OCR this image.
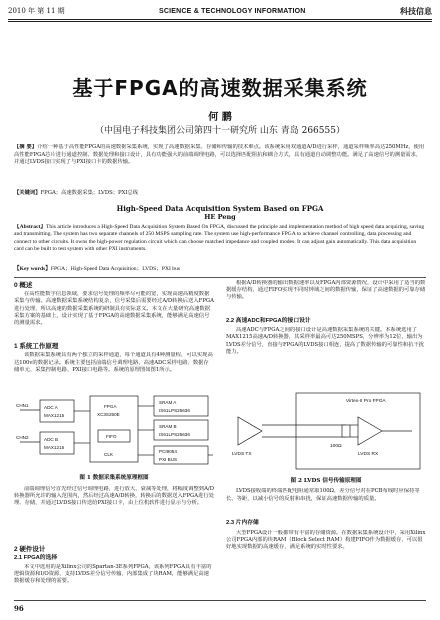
2010 年 第 11 期	SCIENCE & TECHNOLOGY INFORMATION	科技信息
基于FPGA的高速数据采集系统
何 鹏
（中国电子科技集团公司第四十一研究所 山东 青岛 266555）
【摘 要】介绍一种基于高性能FPGA的高速数据采集系统，实现了高速数据采集、存储和传输的技术难点。该系统采用双通道A/D进行采样，通道采样频率高达250MHz，使用高性能FPGA芯片进行通道控制、数据处理和接口设计，具有功能强大的前端调理电路，可以选择匹配阻抗和耦合方式，具有通道自动调整功能。满足了高速信号的测量需求，并通过LVDS接口实现了与PXI接口卡的数据传输。
【关键词】FPGA；高速数据采集；LVDS；PXI总线
High-Speed Data Acquisition System Based on FPGA
HE Peng
【Abstract】This article introduces a High-Speed Data Acquisition System Based On FPGA, discussed the principle and implementation method of high speed data acquiring, saving and transmitting. The system has two separate channels of 250 MSPS sampling rate. The system use high-performance FPGA to achieve channel controlling, data processing and connect to other circuits. It owns the high-power regulation circuit which can choose matched impedance and coupled modes. It can adjust gain automatically. This data acquisition card can be built to test system with other PXI instruments.
【Key words】FPGA；High-Speed Data Acquisition；LVDS；PXI bus
0 概述

在高性能数字信息领域，要求信号处理的频率尽可能的宽，实现高速高精度数据采集与传输。高速数据采集系统结构复杂，信号采集后需要经过A/D转换后送入FPGA进行处理，所以高速的数据采集系统的研制具有实际意义。本文在大量研究高速数据采集方案的基础上，设计实现了基于FPGA的高速数据采集系统，能够满足高速信号的测量需求。

1 系统工作原理

该数据采集系统具有两个独立的采样通道，每个通道具有4种测量程，可以实现高达100v的数据记录。系统主要包括前端信号调理电路、高速ADC采样电路、数据存储单元、采集控制电路、PXI接口电路等。系统的原理图如图1所示。

CHN1
CHN2
ADC A
MAX1215
ADC B
MAX1215
FPGA
XC3S250E
FIFO
CLK
SRAM A
IS61LPS25636
SRAM B
IS61LPS25636
PCI9054
PXI BUS
图 1 数据采集系统原理框图

前端调理信号首先经过信号调理电路，进行放大、衰减等处理，将幅度调整到A/D转换器所允许的输入范围内，然后经过高速A/D转换，转换后的数据送入FPGA进行处理、存储，并通过LVDS接口传送给PXI接口卡，由上位机软件进行显示与分析。

2 硬件设计
2.1 FPGA的选择

本文中选用的是Xilinx公司的Spartan-3E系列FPGA，该系列FPGA具有丰富的逻辑资源和I/O资源，支持LVDS差分信号传输，内部集成了块RAM，能够满足高速数据缓存和处理的需要。

根据A/D转换器的输出数据速率以及FPGA内部资源情况，设计中采用了适当的数据缓存结构，通过FIFO实现不同时钟域之间的数据传输，保证了高速数据的可靠存储与传输。

2.2 高速ADC和FPGA的接口设计

高速ADC与FPGA之间的接口设计是高速数据采集系统的关键。本系统选用了MAX1215高速A/D转换器，其采样率最高可达250MSPS，分辨率为12位，输出为LVDS差分信号，直接与FPGA的LVDS接口相连，提高了数据传输的可靠性和抗干扰能力。

Virtex-II Pro FPGA
LVDS TX	LVDS RX
100Ω
图 2 LVDS 信号传输原理图

LVDS接收端的终端匹配电阻通常取100Ω，差分信号对在PCB布线时应保持等长、等距，以减小信号的反射和串扰，保证高速数据传输的质量。

2.3 片内存储

大型FPGA设计一般都带有丰富的存储资源。在数据采集系统设计中，采用Xilinx公司FPGA内部的块RAM（Block Select RAM）构建FIFO作为数据缓存，可以很好地实现数据的高速缓存，满足系统的实时性要求。

96
